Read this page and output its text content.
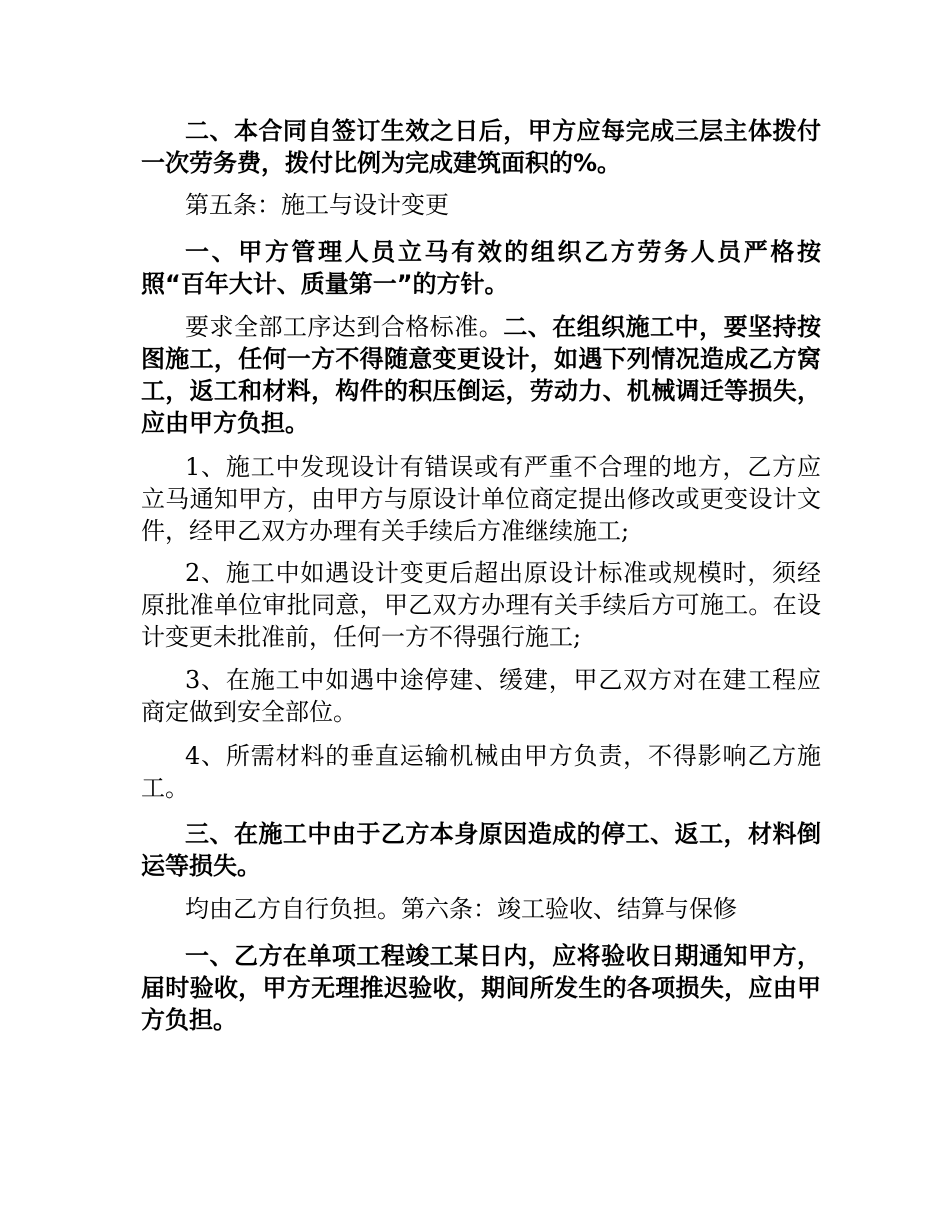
二、本合同自签订生效之日后，甲方应每完成三层主体拨付一次劳务费，拨付比例为完成建筑面积的%。

第五条：施工与设计变更

一、甲方管理人员立马有效的组织乙方劳务人员严格按照“百年大计、质量第一”的方针。

要求全部工序达到合格标准。二、在组织施工中，要坚持按图施工，任何一方不得随意变更设计，如遇下列情况造成乙方窝工，返工和材料，构件的积压倒运，劳动力、机械调迁等损失，应由甲方负担。

1、施工中发现设计有错误或有严重不合理的地方，乙方应立马通知甲方，由甲方与原设计单位商定提出修改或更变设计文件，经甲乙双方办理有关手续后方准继续施工;

2、施工中如遇设计变更后超出原设计标准或规模时，须经原批准单位审批同意，甲乙双方办理有关手续后方可施工。在设计变更未批准前，任何一方不得强行施工;

3、在施工中如遇中途停建、缓建，甲乙双方对在建工程应商定做到安全部位。

4、所需材料的垂直运输机械由甲方负责，不得影响乙方施工。

三、在施工中由于乙方本身原因造成的停工、返工，材料倒运等损失。

均由乙方自行负担。第六条：竣工验收、结算与保修

一、乙方在单项工程竣工某日内，应将验收日期通知甲方，届时验收，甲方无理推迟验收，期间所发生的各项损失，应由甲方负担。
